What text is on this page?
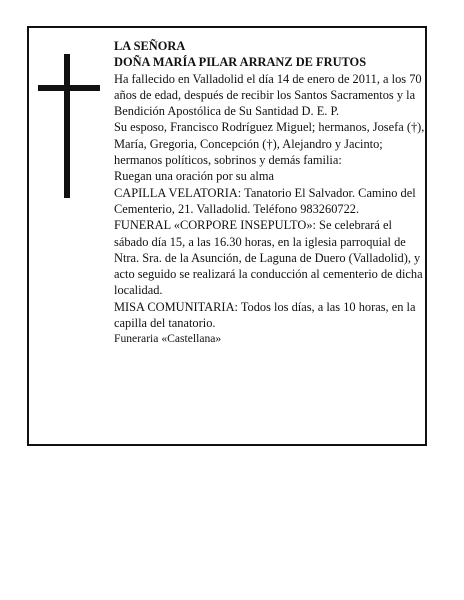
LA SEÑORA

DOÑA MARÍA PILAR ARRANZ DE FRUTOS

Ha fallecido en Valladolid el día 14 de enero de 2011, a los 70 años de edad, después de recibir los Santos Sacramentos y la Bendición Apostólica de Su Santidad D. E. P.

Su esposo, Francisco Rodríguez Miguel; hermanos, Josefa (†), María, Gregoria, Concepción (†), Alejandro y Jacinto; hermanos políticos, sobrinos y demás familia:

Ruegan una oración por su alma

CAPILLA VELATORIA: Tanatorio El Salvador. Camino del Cementerio, 21. Valladolid. Teléfono 983260722.

FUNERAL «CORPORE INSEPULTO»: Se celebrará el sábado día 15, a las 16.30 horas, en la iglesia parroquial de Ntra. Sra. de la Asunción, de Laguna de Duero (Valladolid), y acto seguido se realizará la conducción al cementerio de dicha localidad.

MISA COMUNITARIA: Todos los días, a las 10 horas, en la capilla del tanatorio.

Funeraria «Castellana»
